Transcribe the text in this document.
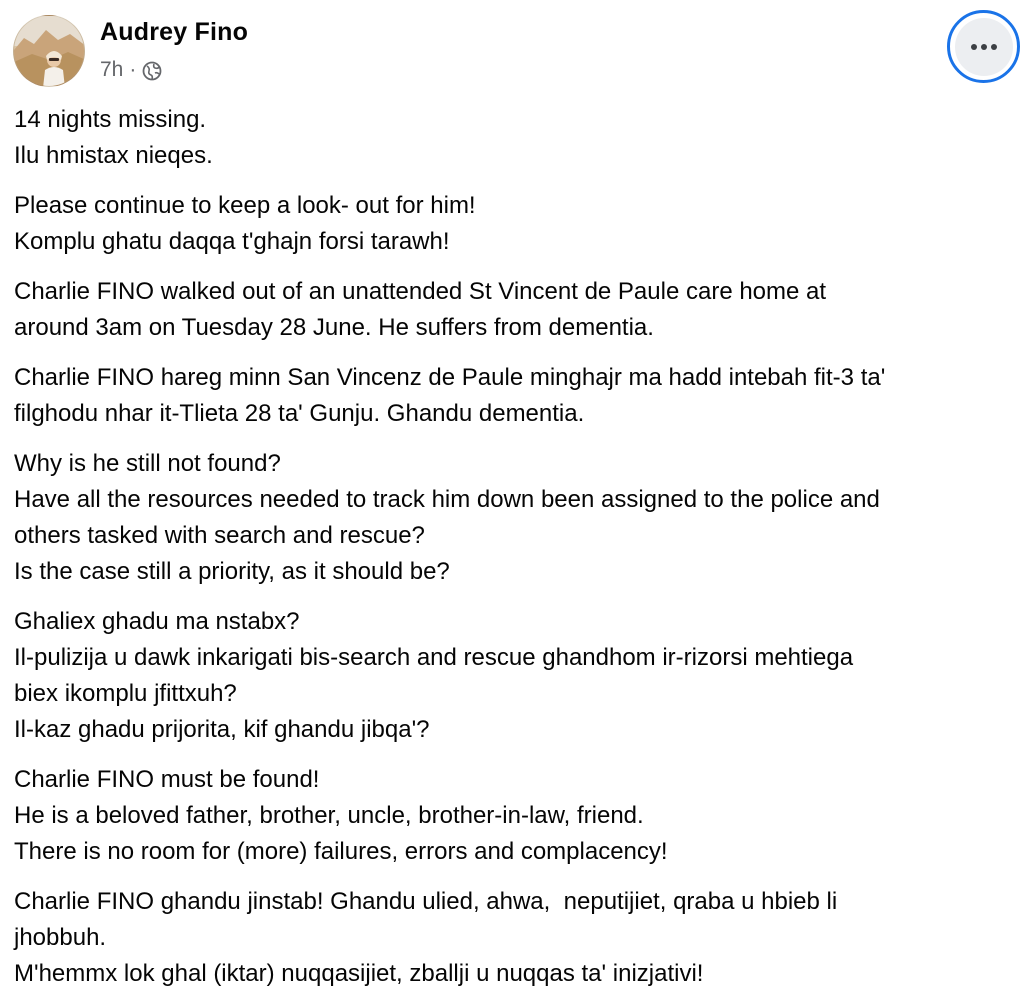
Audrey Fino
7h ·
14 nights missing.
Ilu hmistax nieqes.
Please continue to keep a look- out for him!
Komplu ghatu daqqa t'ghajn forsi tarawh!
Charlie FINO walked out of an unattended St Vincent de Paule care home at
around 3am on Tuesday 28 June. He suffers from dementia.
Charlie FINO hareg minn San Vincenz de Paule minghajr ma hadd intebah fit-3 ta'
filghodu nhar it-Tlieta 28 ta' Gunju. Ghandu dementia.
Why is he still not found?
Have all the resources needed to track him down been assigned to the police and
others tasked with search and rescue?
Is the case still a priority, as it should be?
Ghaliex ghadu ma nstabx?
Il-pulizija u dawk inkarigati bis-search and rescue ghandhom ir-rizorsi mehtiega
biex ikomplu jfittxuh?
Il-kaz ghadu prijorita, kif ghandu jibqa'?
Charlie FINO must be found!
He is a beloved father, brother, uncle, brother-in-law, friend.
There is no room for (more) failures, errors and complacency!
Charlie FINO ghandu jinstab! Ghandu ulied, ahwa,  neputijiet, qraba u hbieb li
jhobbuh.
M'hemmx lok ghal (iktar) nuqqasijiet, zballji u nuqqas ta' inizjativi!
